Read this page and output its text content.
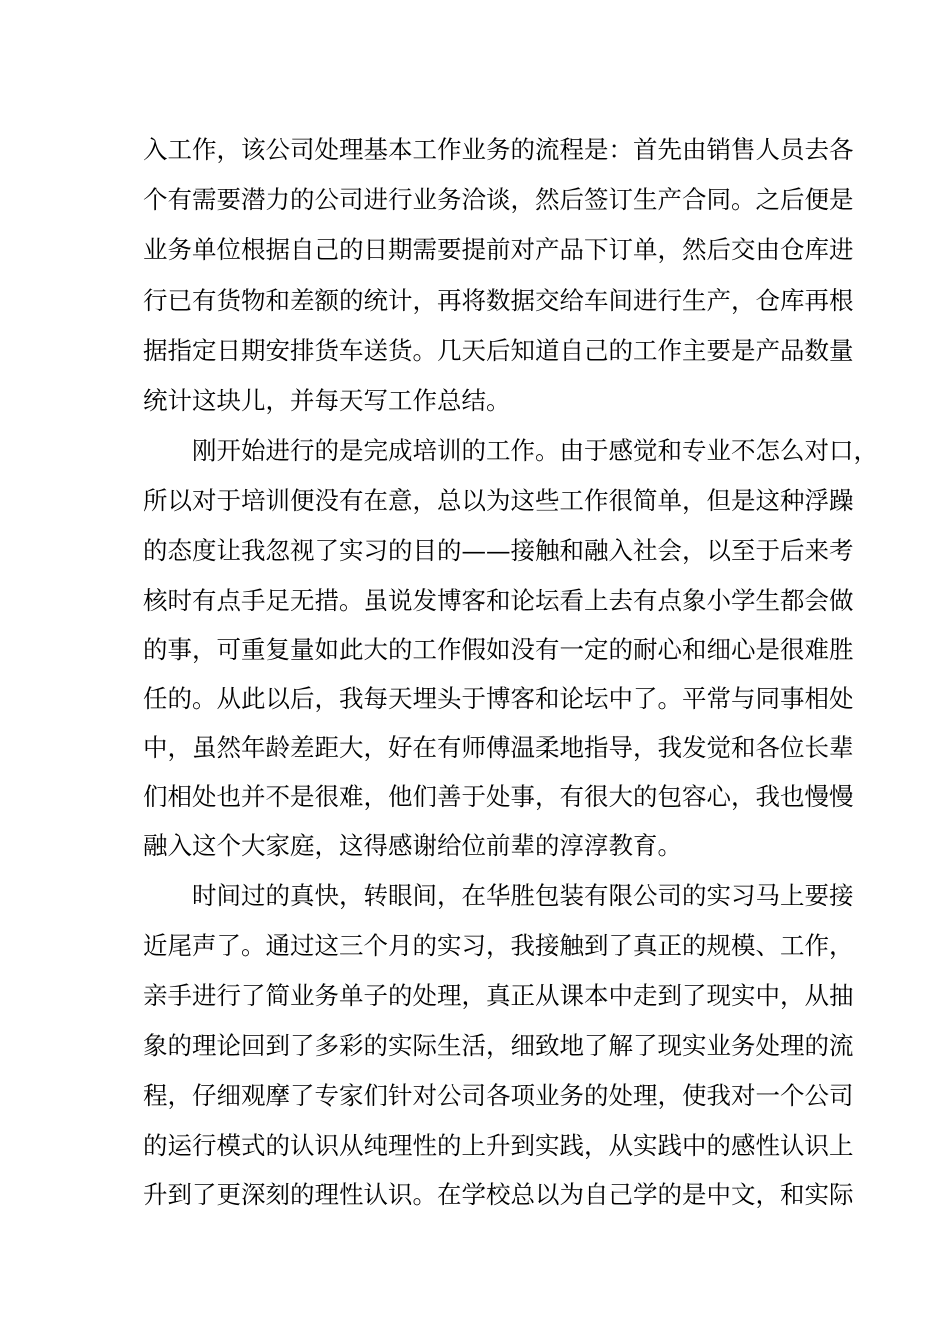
入工作，该公司处理基本工作业务的流程是：首先由销售人员去各
个有需要潜力的公司进行业务洽谈，然后签订生产合同。之后便是
业务单位根据自己的日期需要提前对产品下订单，然后交由仓库进
行已有货物和差额的统计，再将数据交给车间进行生产，仓库再根
据指定日期安排货车送货。几天后知道自己的工作主要是产品数量
统计这块儿，并每天写工作总结。
刚开始进行的是完成培训的工作。由于感觉和专业不怎么对口，
所以对于培训便没有在意，总以为这些工作很简单，但是这种浮躁
的态度让我忽视了实习的目的——接触和融入社会，以至于后来考
核时有点手足无措。虽说发博客和论坛看上去有点象小学生都会做
的事，可重复量如此大的工作假如没有一定的耐心和细心是很难胜
任的。从此以后，我每天埋头于博客和论坛中了。平常与同事相处
中，虽然年龄差距大，好在有师傅温柔地指导，我发觉和各位长辈
们相处也并不是很难，他们善于处事，有很大的包容心，我也慢慢
融入这个大家庭，这得感谢给位前辈的淳淳教育。
时间过的真快，转眼间，在华胜包装有限公司的实习马上要接
近尾声了。通过这三个月的实习，我接触到了真正的规模、工作，
亲手进行了简业务单子的处理，真正从课本中走到了现实中，从抽
象的理论回到了多彩的实际生活，细致地了解了现实业务处理的流
程，仔细观摩了专家们针对公司各项业务的处理，使我对一个公司
的运行模式的认识从纯理性的上升到实践，从实践中的感性认识上
升到了更深刻的理性认识。在学校总以为自己学的是中文，和实际
